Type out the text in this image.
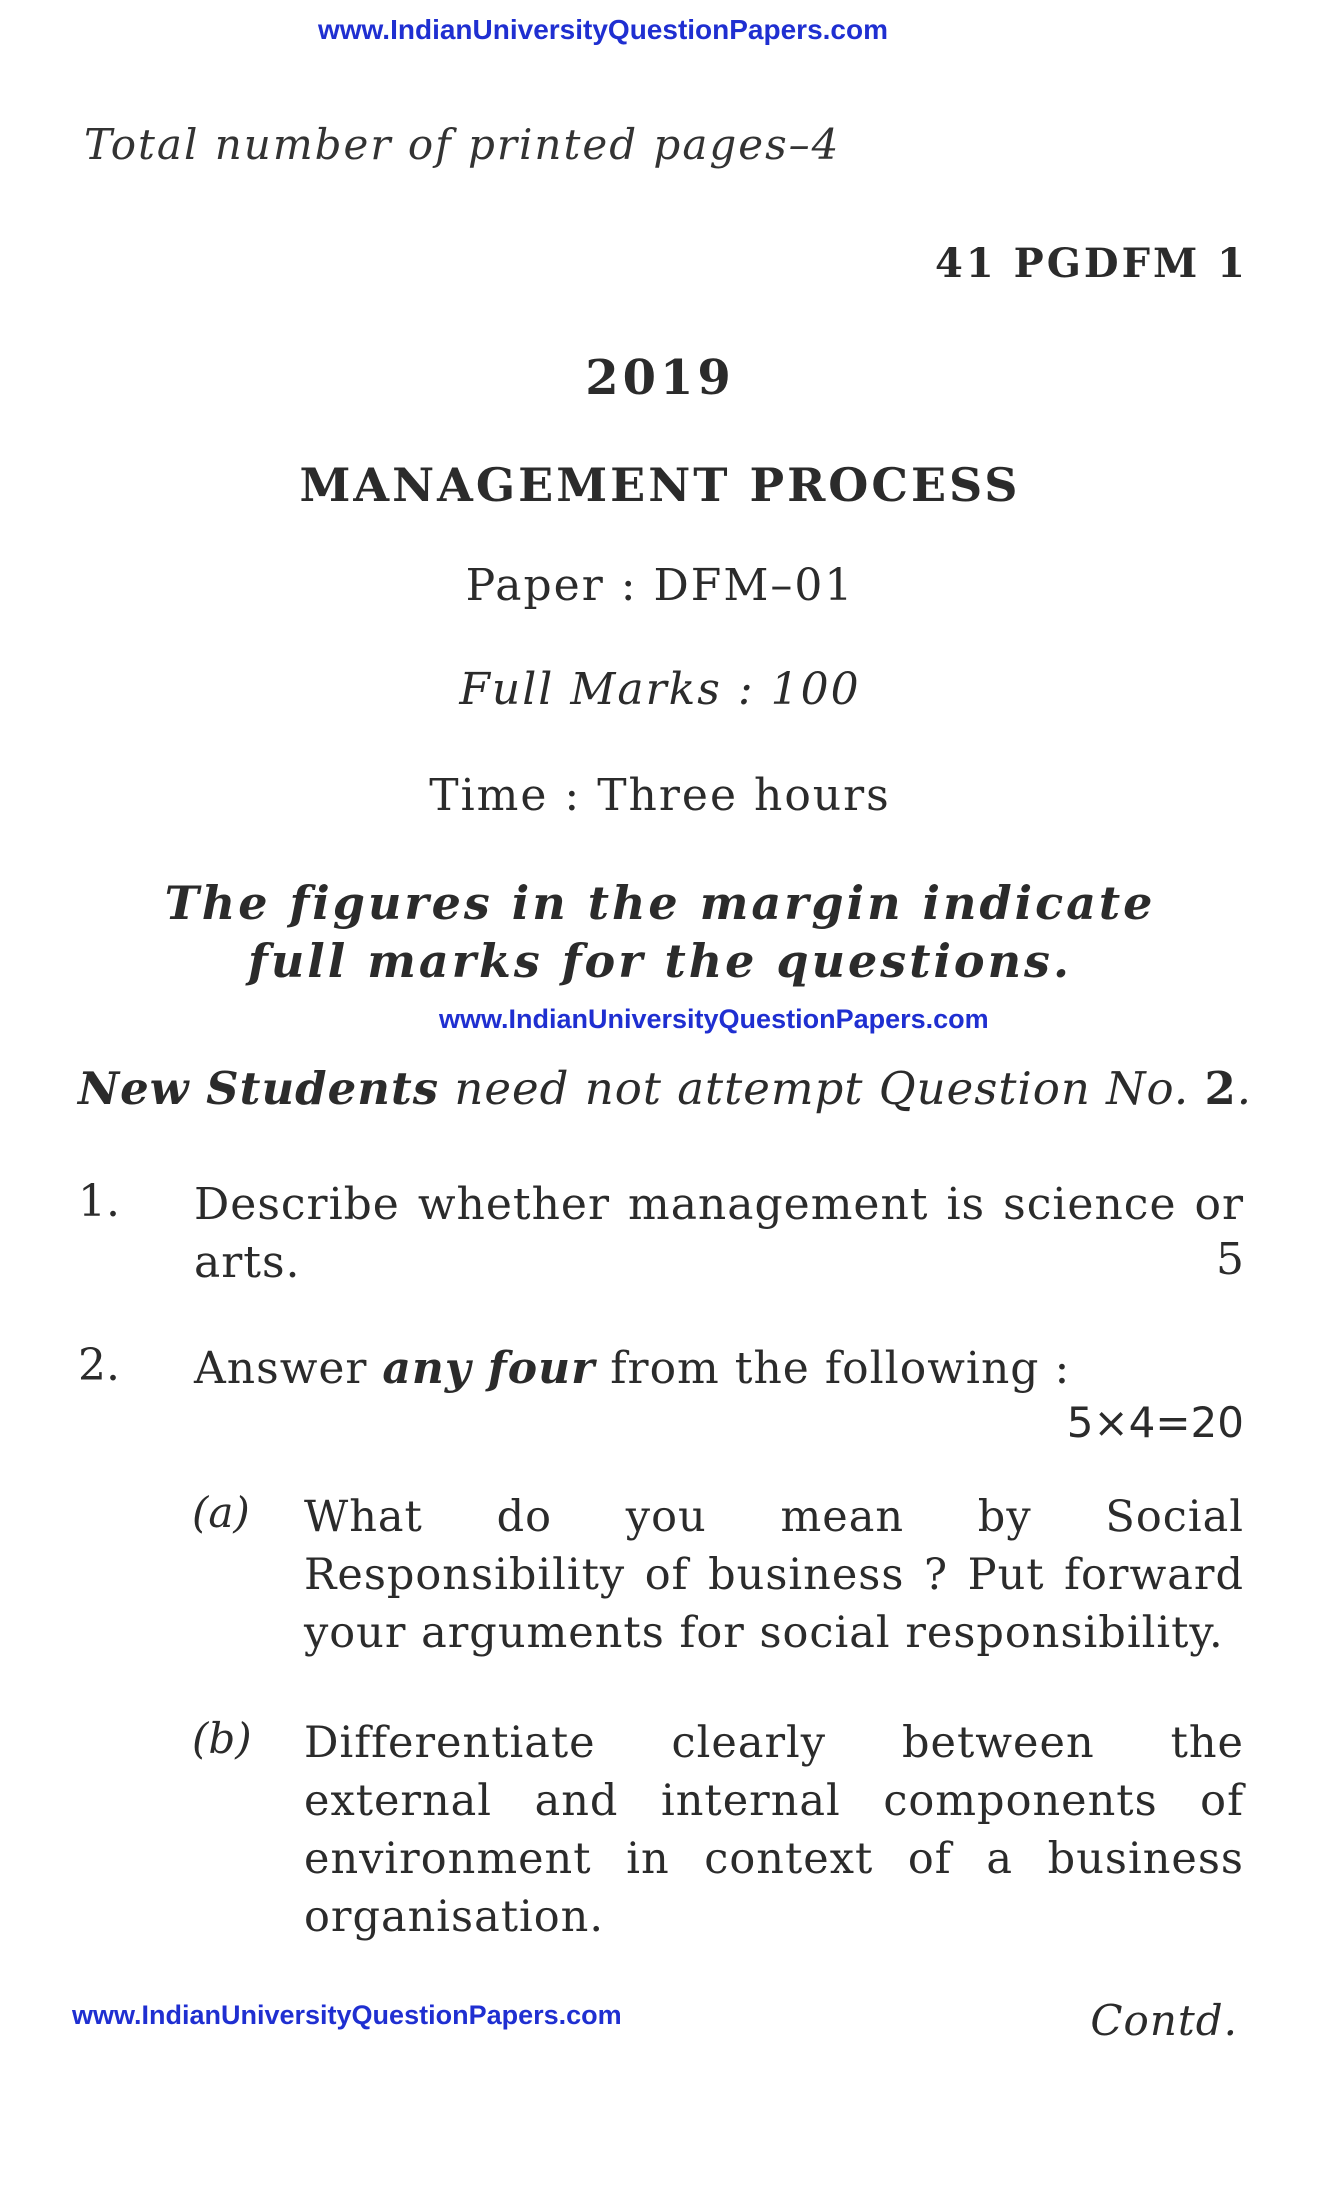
www.IndianUniversityQuestionPapers.com
Total number of printed pages–4
41 PGDFM 1
2019
MANAGEMENT PROCESS
Paper : DFM–01
Full Marks : 100
Time : Three hours
The figures in the margin indicate
full marks for the questions.
www.IndianUniversityQuestionPapers.com
New Students need not attempt Question No. 2.
1. Describe whether management is science or arts.	5
2. Answer any four from the following :
5×4=20
(a) What do you mean by Social Responsibility of business ? Put forward your arguments for social responsibility.
(b) Differentiate clearly between the external and internal components of environment in context of a business organisation.
www.IndianUniversityQuestionPapers.com	Contd.
